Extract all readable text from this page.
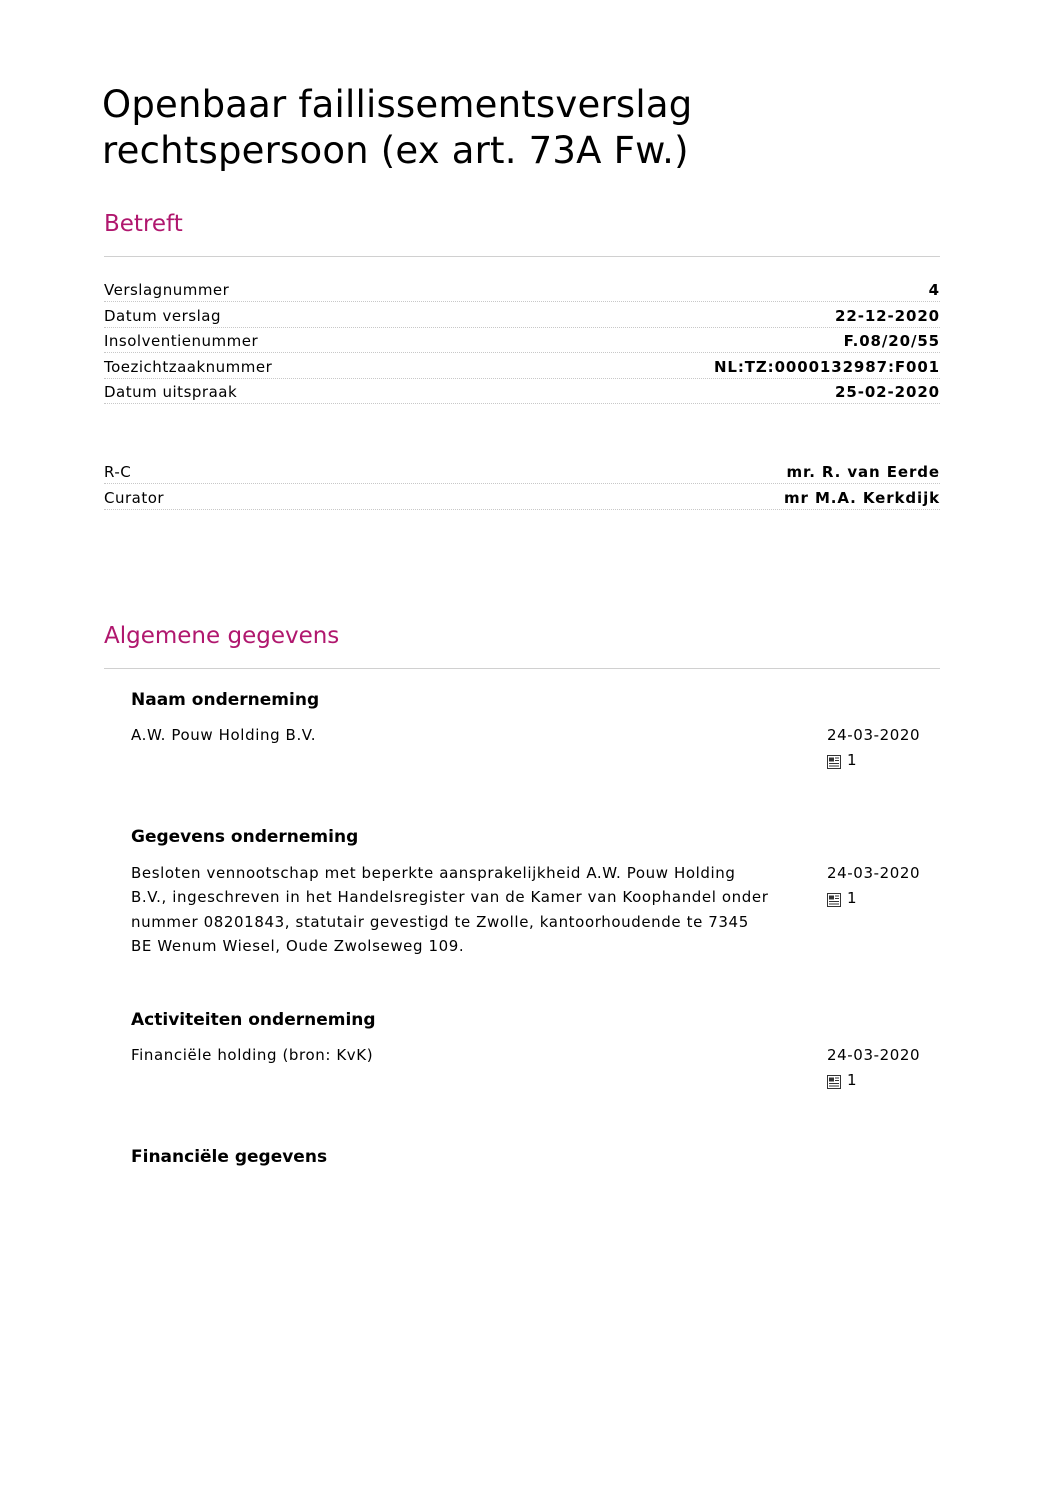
Openbaar faillissementsverslag
rechtspersoon (ex art. 73A Fw.)
Betreft
Verslagnummer	4
Datum verslag	22-12-2020
Insolventienummer	F.08/20/55
Toezichtzaaknummer	NL:TZ:0000132987:F001
Datum uitspraak	25-02-2020
R-C	mr. R. van Eerde
Curator	mr M.A. Kerkdijk
Algemene gegevens
Naam onderneming
A.W. Pouw Holding B.V.	24-03-2020
1
Gegevens onderneming
Besloten vennootschap met beperkte aansprakelijkheid A.W. Pouw Holding
B.V., ingeschreven in het Handelsregister van de Kamer van Koophandel onder
nummer 08201843, statutair gevestigd te Zwolle, kantoorhoudende te 7345
BE Wenum Wiesel, Oude Zwolseweg 109.
24-03-2020
1
Activiteiten onderneming
Financiële holding (bron: KvK)	24-03-2020
1
Financiële gegevens
